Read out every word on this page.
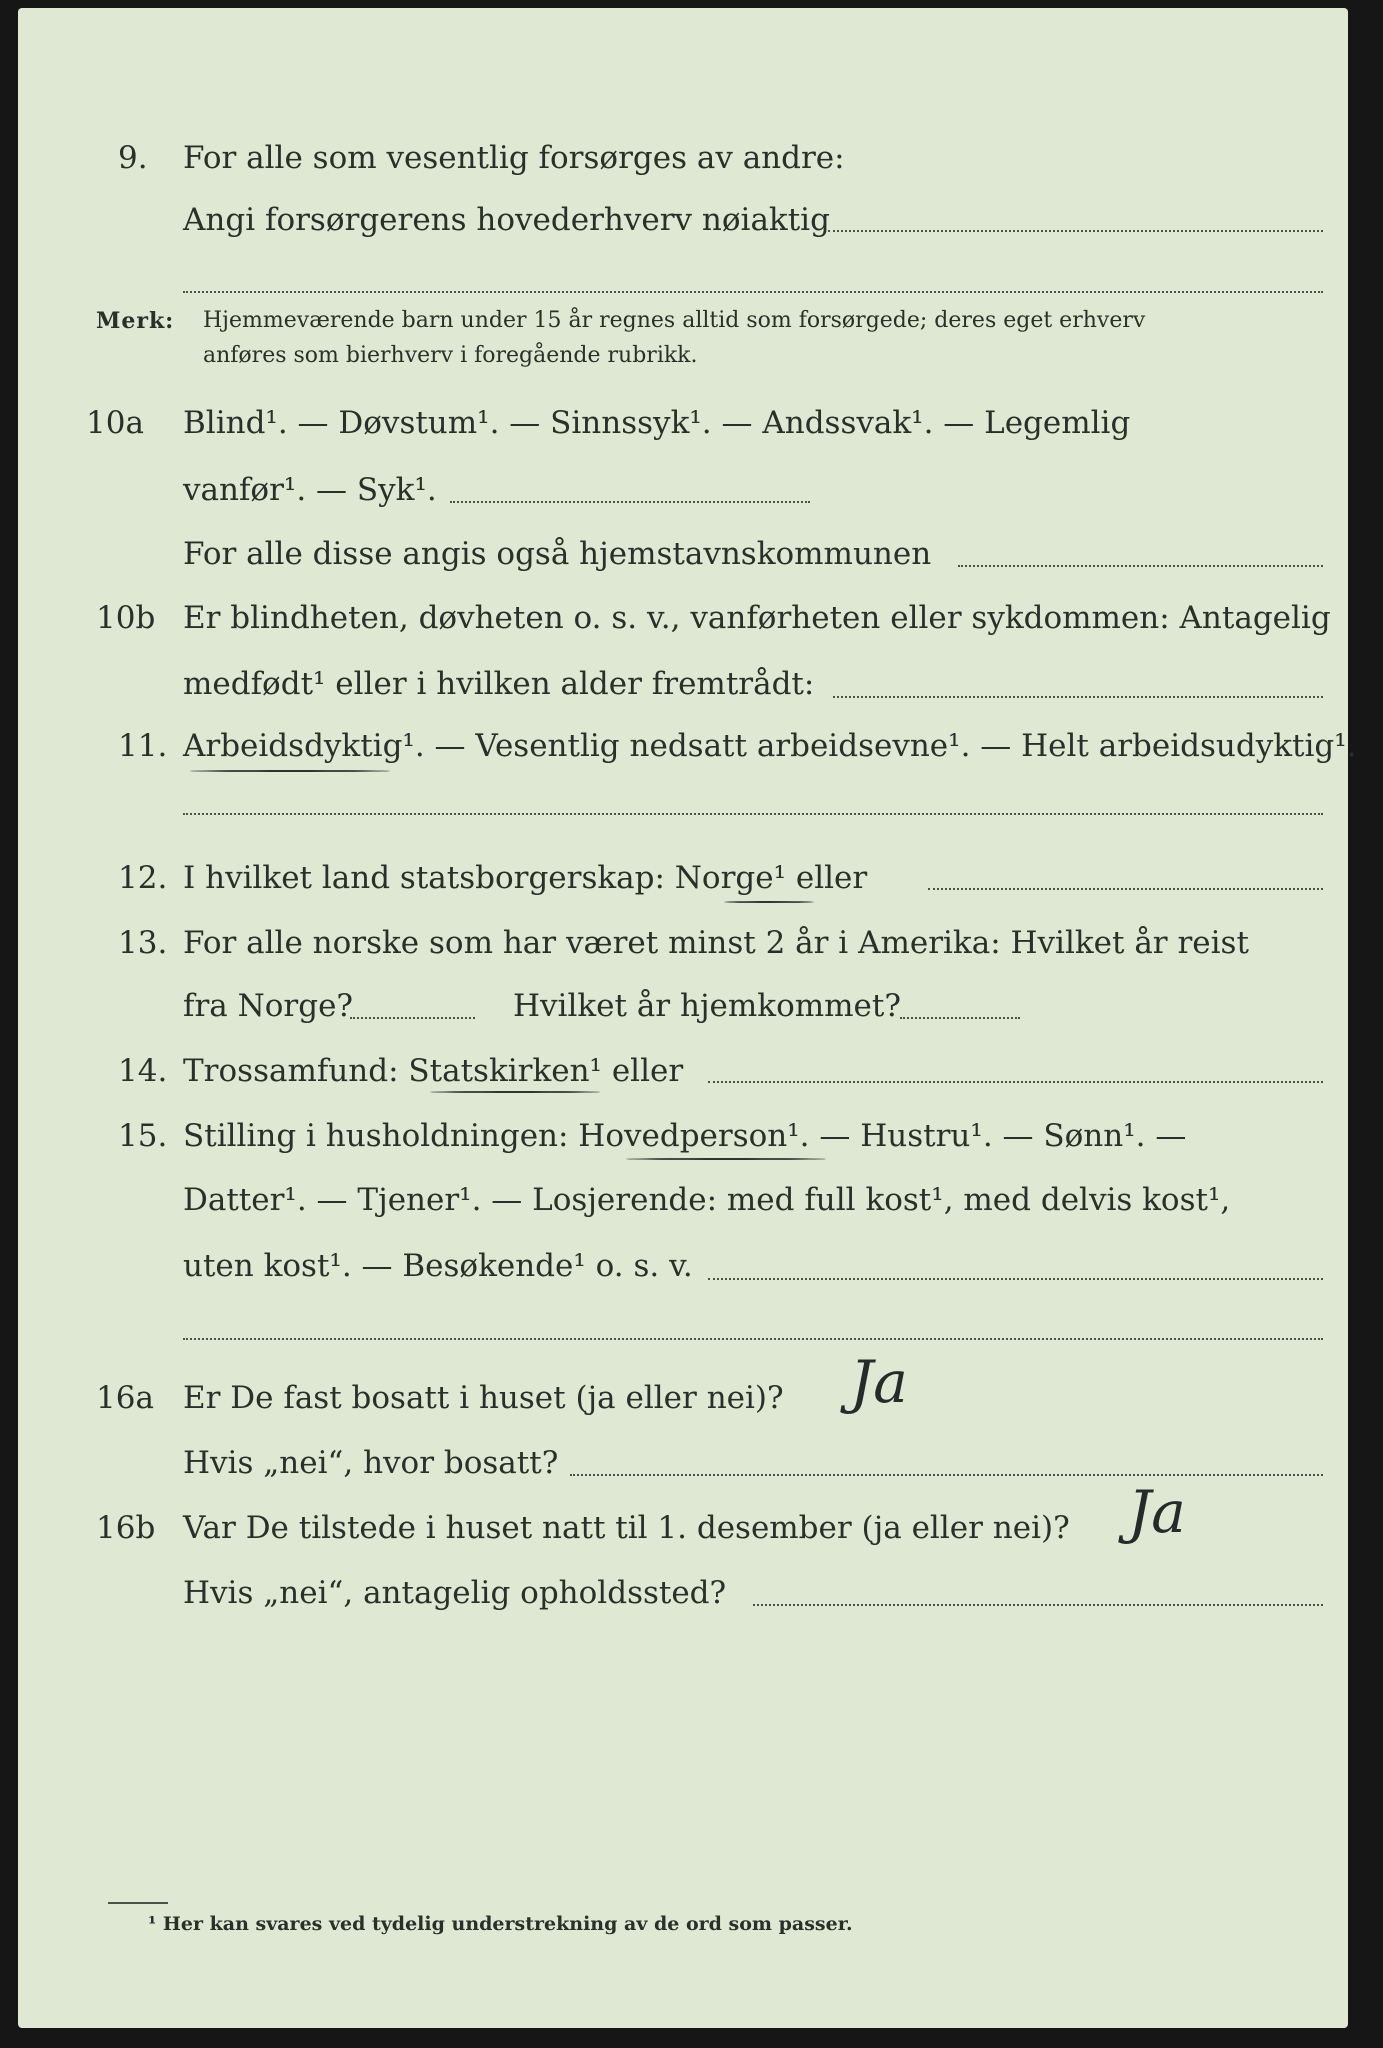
9. For alle som vesentlig forsørges av andre:
Angi forsørgerens hovederhverv nøiaktig
Merk: Hjemmeværende barn under 15 år regnes alltid som forsørgede; deres eget erhverv
anføres som bierhverv i foregående rubrikk.
10a Blind¹. — Døvstum¹. — Sinnssyk¹. — Andssvak¹. — Legemlig
vanfør¹. — Syk¹.
For alle disse angis også hjemstavnskommunen
10b Er blindheten, døvheten o. s. v., vanførheten eller sykdommen: Antagelig
medfødt¹ eller i hvilken alder fremtrådt:
11. Arbeidsdyktig¹. — Vesentlig nedsatt arbeidsevne¹. — Helt arbeidsudyktig¹.
12. I hvilket land statsborgerskap: Norge¹ eller
13. For alle norske som har været minst 2 år i Amerika: Hvilket år reist
fra Norge?	Hvilket år hjemkommet?
14. Trossamfund: Statskirken¹ eller
15. Stilling i husholdningen: Hovedperson¹. — Hustru¹. — Sønn¹. —
Datter¹. — Tjener¹. — Losjerende: med full kost¹, med delvis kost¹,
uten kost¹. — Besøkende¹ o. s. v.
16a Er De fast bosatt i huset (ja eller nei)? Ja
Hvis „nei“, hvor bosatt?
16b Var De tilstede i huset natt til 1. desember (ja eller nei)? Ja
Hvis „nei“, antagelig opholdssted?
¹ Her kan svares ved tydelig understrekning av de ord som passer.
